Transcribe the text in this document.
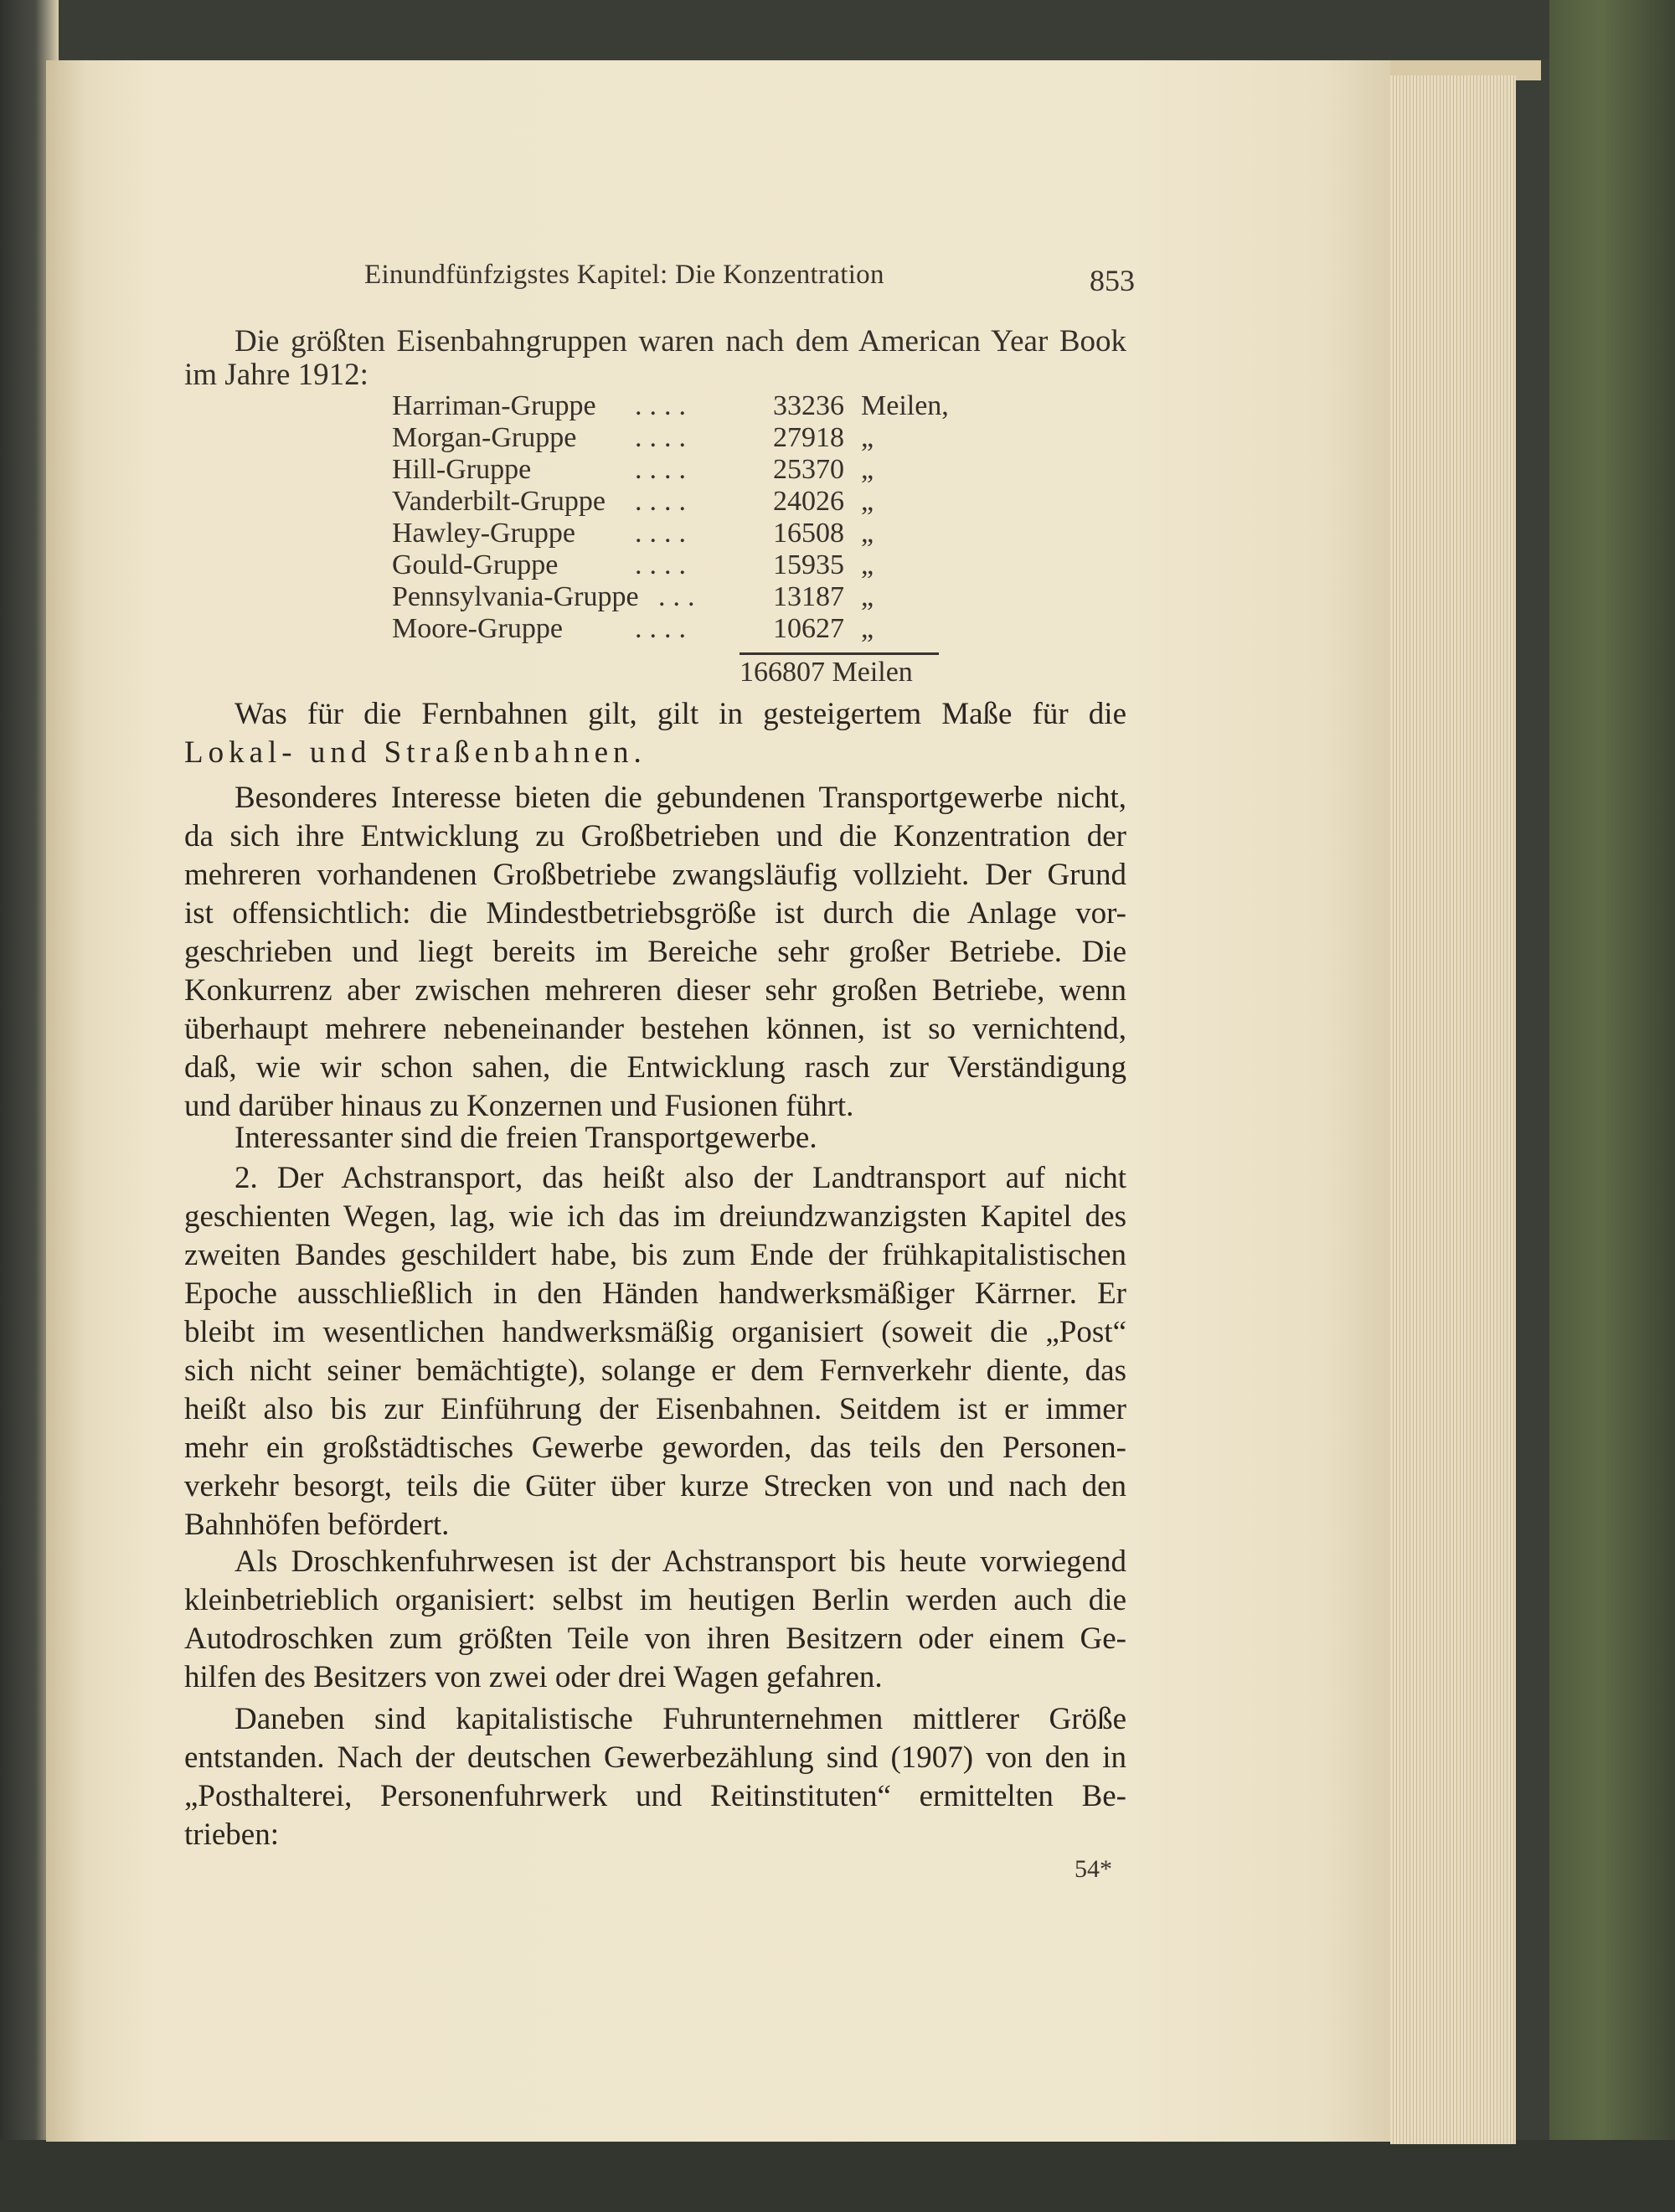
Einundfünfzigstes Kapitel: Die Konzentration	853
Die größten Eisenbahngruppen waren nach dem American Year Book
im Jahre 1912:
Harriman-Gruppe ....	33236 Meilen,
Morgan-Gruppe ....	27918 „
Hill-Gruppe	....	25370 „
Vanderbilt-Gruppe ....	24026 „
Hawley-Gruppe ....	16508 „
Gould-Gruppe	....	15935 „
Pennsylvania-Gruppe ...	13187 „
Moore-Gruppe	....	10627 „
166807 Meilen
Was für die Fernbahnen gilt, gilt in gesteigertem Maße für die
Lokal- und Straßenbahnen.
Besonderes Interesse bieten die gebundenen Transportgewerbe nicht,
da sich ihre Entwicklung zu Großbetrieben und die Konzentration der
mehreren vorhandenen Großbetriebe zwangsläufig vollzieht. Der Grund
ist offensichtlich: die Mindestbetriebsgröße ist durch die Anlage vor-
geschrieben und liegt bereits im Bereiche sehr großer Betriebe. Die
Konkurrenz aber zwischen mehreren dieser sehr großen Betriebe, wenn
überhaupt mehrere nebeneinander bestehen können, ist so vernichtend,
daß, wie wir schon sahen, die Entwicklung rasch zur Verständigung
und darüber hinaus zu Konzernen und Fusionen führt.
Interessanter sind die freien Transportgewerbe.
2. Der Achstransport, das heißt also der Landtransport auf nicht
geschienten Wegen, lag, wie ich das im dreiundzwanzigsten Kapitel des
zweiten Bandes geschildert habe, bis zum Ende der frühkapitalistischen
Epoche ausschließlich in den Händen handwerksmäßiger Kärrner. Er
bleibt im wesentlichen handwerksmäßig organisiert (soweit die „Post“
sich nicht seiner bemächtigte), solange er dem Fernverkehr diente, das
heißt also bis zur Einführung der Eisenbahnen. Seitdem ist er immer
mehr ein großstädtisches Gewerbe geworden, das teils den Personen-
verkehr besorgt, teils die Güter über kurze Strecken von und nach den
Bahnhöfen befördert.
Als Droschkenfuhrwesen ist der Achstransport bis heute vorwiegend
kleinbetrieblich organisiert: selbst im heutigen Berlin werden auch die
Autodroschken zum größten Teile von ihren Besitzern oder einem Ge-
hilfen des Besitzers von zwei oder drei Wagen gefahren.
Daneben sind kapitalistische Fuhrunternehmen mittlerer Größe
entstanden. Nach der deutschen Gewerbezählung sind (1907) von den in
„Posthalterei, Personenfuhrwerk und Reitinstituten“ ermittelten Be-
trieben:
54*
